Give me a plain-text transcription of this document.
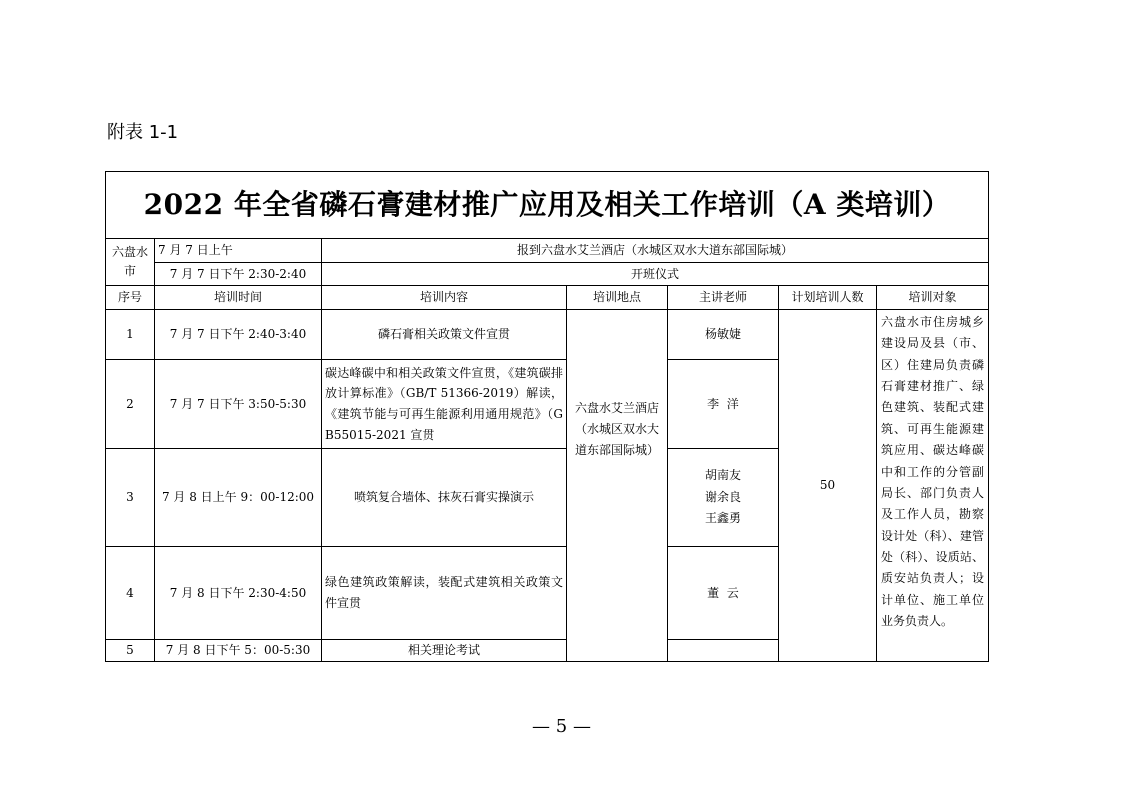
附表 1-1
2022 年全省磷石膏建材推广应用及相关工作培训（A 类培训）						
六盘水市	7 月 7 日上午	报到六盘水艾兰酒店（水城区双水大道东部国际城）				
	7 月 7 日下午 2:30-2:40	开班仪式				
序号	培训时间	培训内容	培训地点	主讲老师	计划培训人数	培训对象
1	7 月 7 日下午 2:40-3:40	磷石膏相关政策文件宣贯	六盘水艾兰酒店（水城区双水大道东部国际城）	杨敏婕	50	六盘水市住房城乡建设局及县（市、区）住建局负责磷石膏建材推广、绿色建筑、装配式建筑、可再生能源建筑应用、碳达峰碳中和工作的分管副局长、部门负责人及工作人员，勘察设计处（科）、建管处（科）、设质站、质安站负责人；设计单位、施工单位业务负责人。
2	7 月 7 日下午 3:50-5:30	碳达峰碳中和相关政策文件宣贯，《建筑碳排放计算标准》（GB/T 51366-2019）解读，《建筑节能与可再生能源利用通用规范》（GB55015-2021 宣贯		李  洋		
3	7 月 8 日上午 9：00-12:00	喷筑复合墙体、抹灰石膏实操演示		胡南友
谢余良
王鑫勇		
4	7 月 8 日下午 2:30-4:50	绿色建筑政策解读，装配式建筑相关政策文件宣贯		董  云		
5	7 月 8 日下午 5：00-5:30	相关理论考试				
— 5 —
